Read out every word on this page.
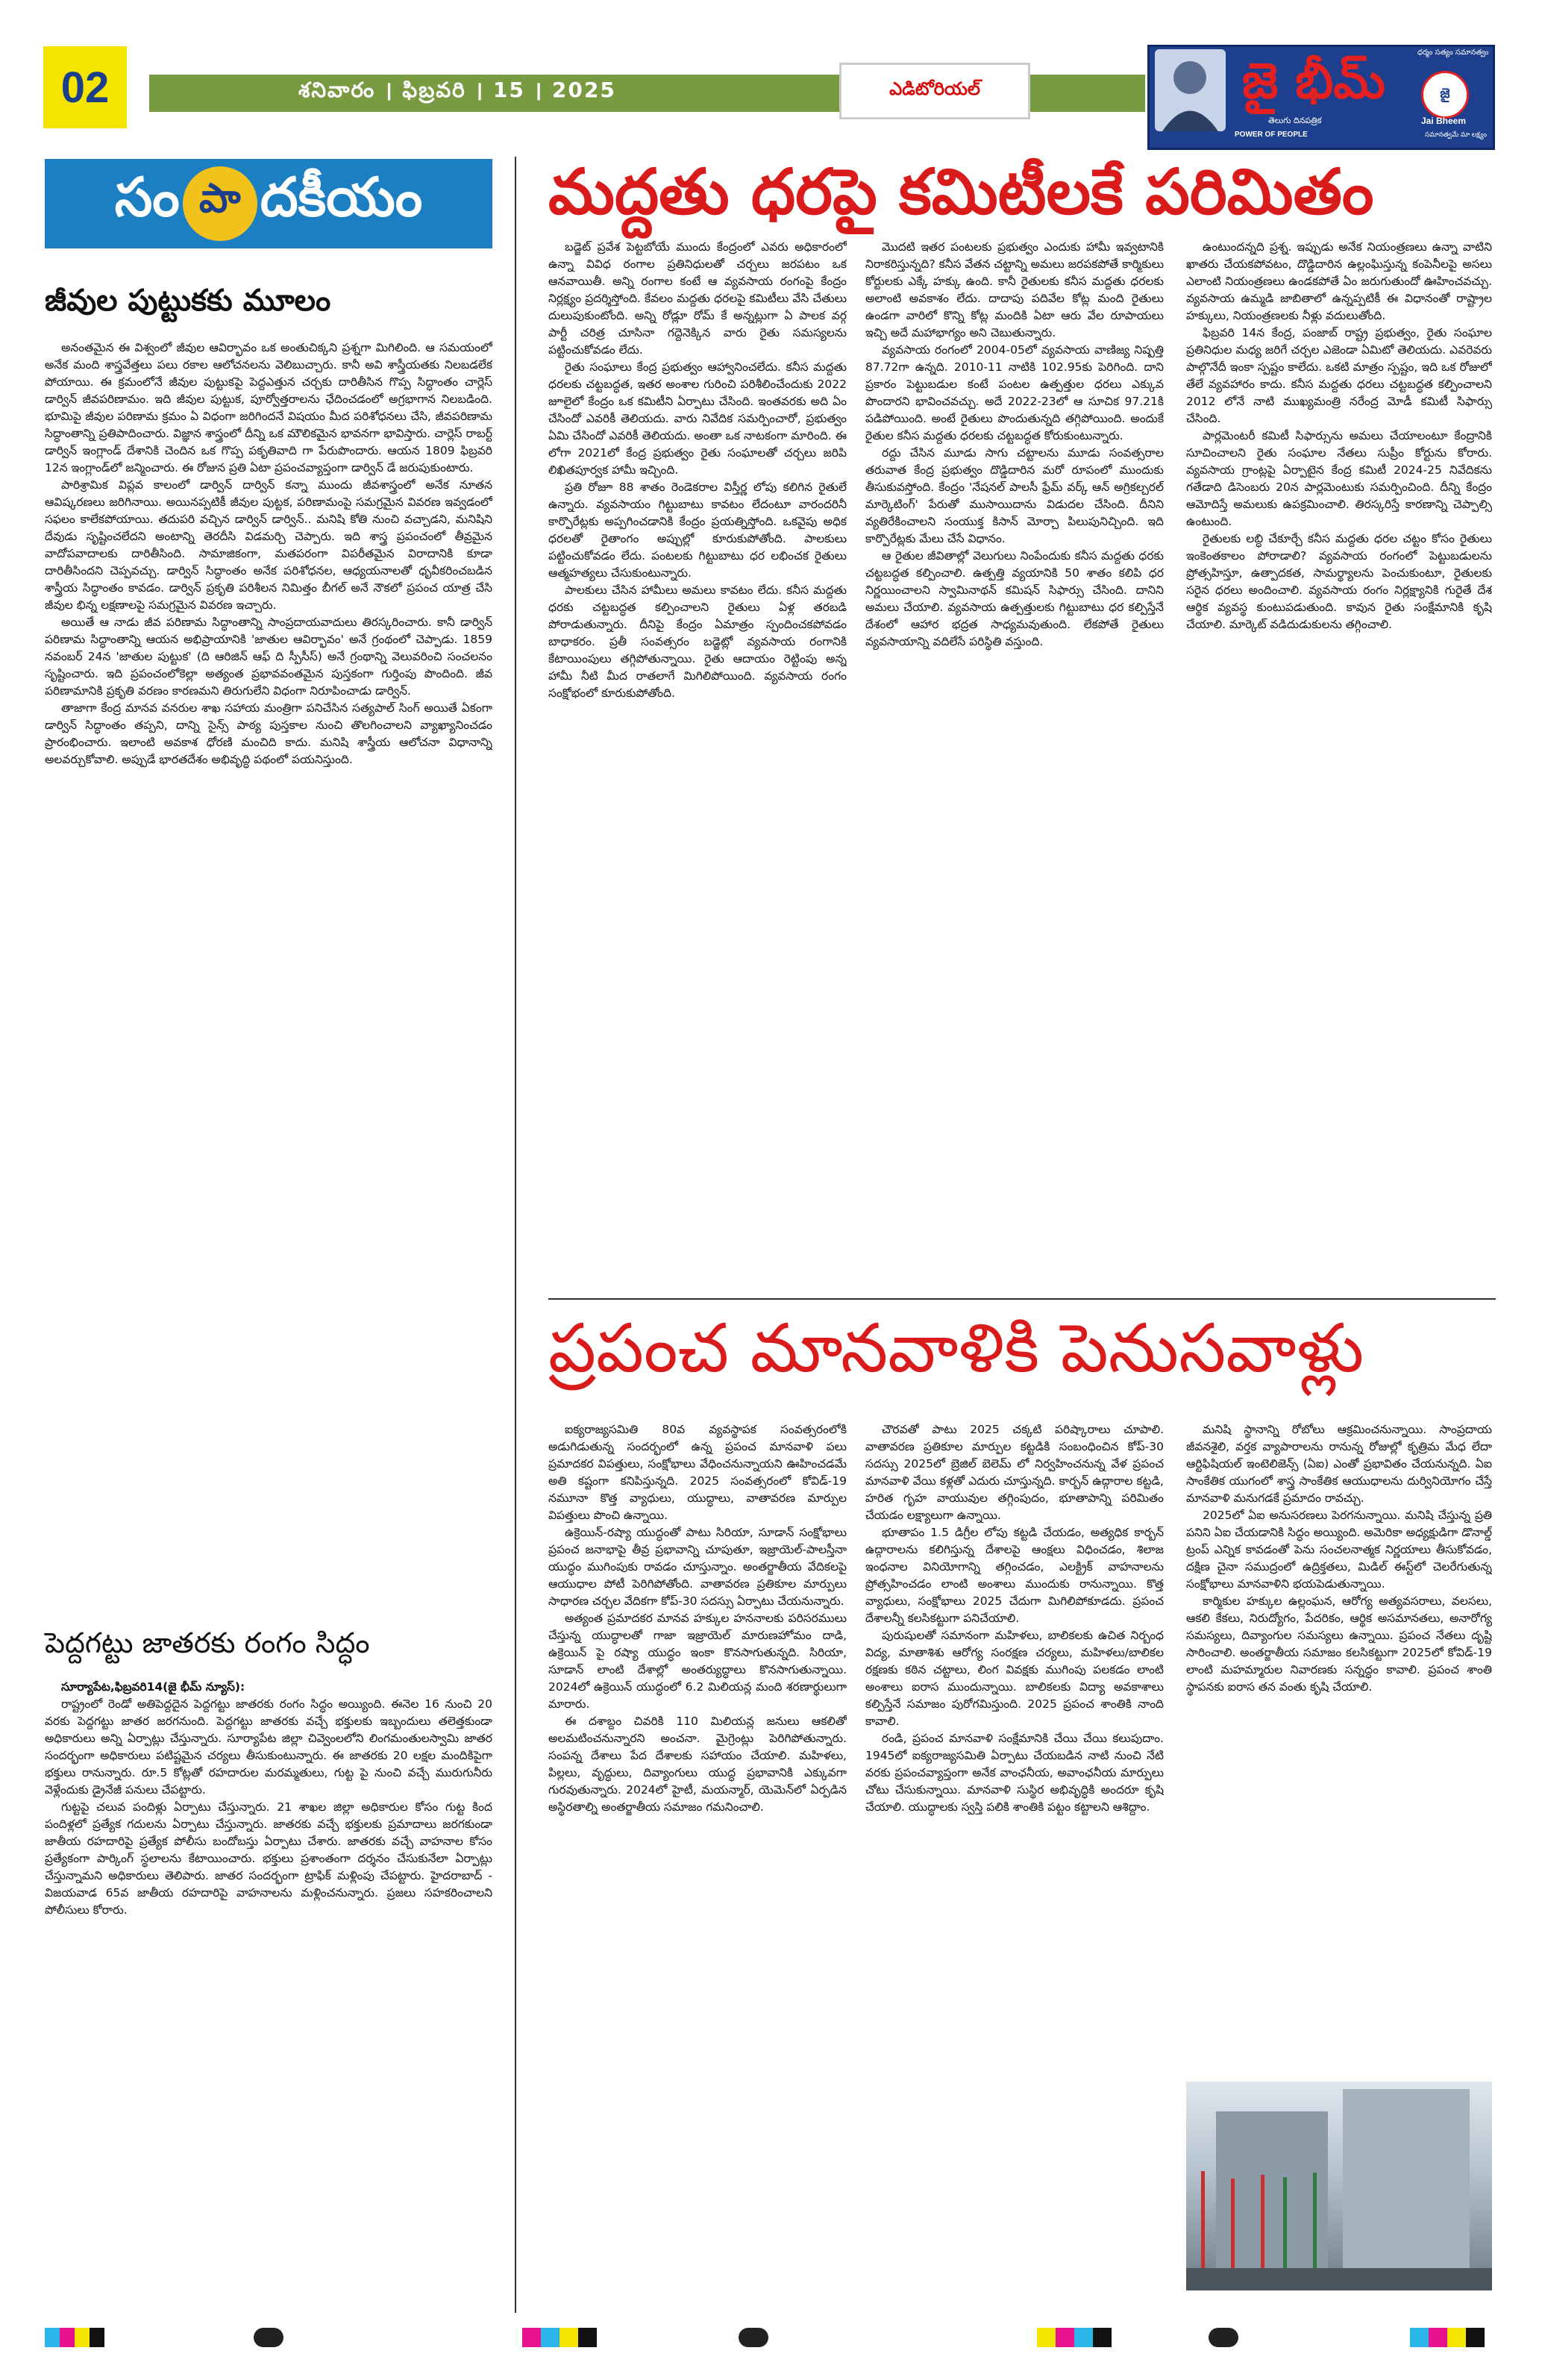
02	శనివారం । ఫిబ్రవరి । 15 । 2025	ఎడిటోరియల్	జై భీమ్	ధర్మం సత్యం సమానత్వం
తెలుగు దినపత్రిక
POWER OF PEOPLE
జై
Jai Bheem
సమానత్వమే మా లక్ష్యం
సం పా దకీయం మద్దతు ధరపై కమిటీలకే పరిమితం
జీవుల పుట్టుకకు మూలం

అనంతమైన ఈ విశ్వంలో జీవుల ఆవిర్భావం ఒక అంతుచిక్కని ప్రశ్నగా మిగిలింది. ఆ సమయంలో అనేక మంది శాస్త్రవేత్తలు పలు రకాల ఆలోచనలను వెలిబుచ్చారు. కానీ అవి శాస్త్రీయతకు నిలబడలేక పోయాయి. ఈ క్రమంలోనే జీవుల పుట్టుకపై పెద్దఎత్తున చర్చకు దారితీసిన గొప్ప సిద్ధాంతం చార్లెస్ డార్విన్ జీవపరిణామం. ఇది జీవుల పుట్టుక, పూర్వోత్తరాలను ఛేదించడంలో అగ్రభాగాన నిలబడింది. భూమిపై జీవుల పరిణామ క్రమం ఏ విధంగా జరిగిందనే విషయం మీద పరిశోధనలు చేసి, జీవపరిణామ సిద్ధాంతాన్ని ప్రతిపాదించారు. విజ్ఞాన శాస్త్రంలో దీన్ని ఒక మౌలికమైన భావనగా భావిస్తారు. చార్లెస్ రాబర్ట్ డార్విన్ ఇంగ్లాండ్ దేశానికి చెందిన ఒక గొప్ప పకృతివాది గా పేరుపొందారు. ఆయన 1809 ఫిబ్రవరి 12న ఇంగ్లాండ్‌లో జన్మించారు. ఈ రోజున ప్రతి ఏటా ప్రపంచవ్యాప్తంగా డార్విన్ డే జరుపుకుంటారు.

పారిశ్రామిక విప్లవ కాలంలో డార్విన్ దార్విన్ కన్నా ముందు జీవశాస్త్రంలో అనేక నూతన ఆవిష్కరణలు జరిగినాయి. అయినప్పటికీ జీవుల పుట్టక, పరిణామంపై సమగ్రమైన వివరణ ఇవ్వడంలో సఫలం కాలేకపోయాయి. తదుపరి వచ్చిన డార్విన్ డార్విన్.. మనిషి కోతి నుంచి వచ్చాడని, మనిషిని దేవుడు సృష్టించలేదని అంటాన్ని తెరదీసి విడమర్చి చెప్పారు. ఇది శాస్త్ర ప్రపంచంలో తీవ్రమైన వాదోపవాదాలకు దారితీసింది. సామాజికంగా, మతపరంగా విపరీతమైన విరాదానికి కూడా దారితీసిందని చెప్పవచ్చు. డార్విన్ సిద్ధాంతం అనేక పరిశోధనల, ఆధ్యయనాలతో ధృవీకరించబడిన శాస్త్రీయ సిద్ధాంతం కావడం. డార్విన్ ప్రకృతి పరిశీలన నిమిత్తం బీగల్ అనే నౌకలో ప్రపంచ యాత్ర చేసి జీవుల భిన్న లక్షణాలపై సమగ్రమైన వివరణ ఇచ్చారు.

అయితే ఆ నాడు జీవ పరిణామ సిద్ధాంతాన్ని సాంప్రదాయవాదులు తిరస్కరించారు. కానీ డార్విన్ పరిణామ సిద్ధాంతాన్ని ఆయన అభిప్రాయానికి 'జాతుల ఆవిర్భావం' అనే గ్రంథంలో చెప్పాడు. 1859 నవంబర్ 24న 'జాతుల పుట్టుక' (ది ఆరిజిన్ ఆఫ్ ది స్పీసీస్) అనే గ్రంథాన్ని వెలువరించి సంచలనం సృష్టించారు. ఇది ప్రపంచంలోకెల్లా అత్యంత ప్రభావవంతమైన పుస్తకంగా గుర్తింపు పొందింది. జీవ పరిణామానికి ప్రకృతి వరణం కారణమని తిరుగులేని విధంగా నిరూపించాడు డార్విన్.

తాజాగా కేంద్ర మానవ వనరుల శాఖ సహాయ మంత్రిగా పనిచేసిన సత్యపాల్ సింగ్ అయితే ఏకంగా డార్విన్ సిద్ధాంతం తప్పని, దాన్ని సైన్స్ పాఠ్య పుస్తకాల నుంచి తొలగించాలని వ్యాఖ్యానించడం ప్రారంభించారు. ఇలాంటి అవకాశ ధోరణి మంచిది కాదు. మనిషి శాస్త్రీయ ఆలోచనా విధానాన్ని అలవర్చుకోవాలి. అప్పుడే భారతదేశం అభివృద్ధి పథంలో పయనిస్తుంది.

పెద్దగట్టు జాతరకు రంగం సిద్ధం

సూర్యాపేట,ఫిబ్రవరి14(జై భీమ్ న్యూస్):

రాష్ట్రంలో రెండో అతిపెద్దదైన పెద్దగట్టు జాతరకు రంగం సిద్ధం అయ్యింది. ఈనెల 16 నుంచి 20 వరకు పెద్దగట్టు జాతర జరగనుంది. పెద్దగట్టు జాతరకు వచ్చే భక్తులకు ఇబ్బందులు తలెత్తకుండా అధికారులు అన్ని ఏర్పాట్లు చేస్తున్నారు. సూర్యాపేట జిల్లా చివ్వెంలలోని లింగమంతులస్వామి జాతర సందర్భంగా అధికారులు పటిష్టమైన చర్యలు తీసుకుంటున్నారు. ఈ జాతరకు 20 లక్షల మందికిపైగా భక్తులు రానున్నారు. రూ.5 కోట్లతో రహదారుల మరమ్మతులు, గుట్ట పై నుంచి వచ్చే మురుగునీరు వెళ్లేందుకు డ్రైనేజీ పనులు చేపట్టారు.

గుట్టపై చలువ పందిళ్లు ఏర్పాటు చేస్తున్నారు. 21 శాఖల జిల్లా అధికారుల కోసం గుట్ట కింద పందిళ్లలో ప్రత్యేక గదులను ఏర్పాటు చేస్తున్నారు. జాతరకు వచ్చే భక్తులకు ప్రమాదాలు జరగకుండా జాతీయ రహదారిపై ప్రత్యేక పోలీసు బందోబస్తు ఏర్పాటు చేశారు. జాతరకు వచ్చే వాహనాల కోసం ప్రత్యేకంగా పార్కింగ్ స్థలాలను కేటాయించారు. భక్తులు ప్రశాంతంగా దర్శనం చేసుకునేలా ఏర్పాట్లు చేస్తున్నామని అధికారులు తెలిపారు. జాతర సందర్భంగా ట్రాఫిక్ మళ్లింపు చేపట్టారు. హైదరాబాద్ - విజయవాడ 65వ జాతీయ రహదారిపై వాహనాలను మళ్లించనున్నారు. ప్రజలు సహకరించాలని పోలీసులు కోరారు.

బడ్జెట్ ప్రవేశ పెట్టబోయే ముందు కేంద్రంలో ఎవరు అధికారంలో ఉన్నా వివిధ రంగాల ప్రతినిధులతో చర్చలు జరపటం ఒక ఆనవాయితీ. అన్ని రంగాల కంటే ఆ వ్యవసాయ రంగంపై కేంద్రం నిర్లక్ష్యం ప్రదర్శిస్తోంది. కేవలం మద్దతు ధరలపై కమిటీలు వేసి చేతులు దులుపుకుంటోంది. అన్ని రోడ్లూ రోమ్ కే అన్నట్లుగా ఏ పాలక వర్గ పార్టీ చరిత్ర చూసినా గద్దెనెక్కిన వారు రైతు సమస్యలను పట్టించుకోవడం లేదు.

రైతు సంఘాలు కేంద్ర ప్రభుత్వం ఆహ్వానించలేదు. కనీస మద్దతు ధరలకు చట్టబద్ధత, ఇతర అంశాల గురించి పరిశీలించేందుకు 2022 జూలైలో కేంద్రం ఒక కమిటీని ఏర్పాటు చేసింది. ఇంతవరకు అది ఏం చేసిందో ఎవరికీ తెలియదు. వారు నివేదిక సమర్పించారో, ప్రభుత్వం ఏమి చేసిందో ఎవరికీ తెలియదు. అంతా ఒక నాటకంగా మారింది. ఈ లోగా 2021లో కేంద్ర ప్రభుత్వం రైతు సంఘాలతో చర్చలు జరిపి లిఖితపూర్వక హామీ ఇచ్చింది.

ప్రతి రోజూ 88 శాతం రెండెకరాల విస్తీర్ణ లోపు కలిగిన రైతులే ఉన్నారు. వ్యవసాయం గిట్టుబాటు కావటం లేదంటూ వారందరినీ కార్పొరేట్లకు అప్పగించడానికి కేంద్రం ప్రయత్నిస్తోంది. ఒకవైపు అధిక ధరలతో రైతాంగం అప్పుల్లో కూరుకుపోతోంది. పాలకులు పట్టించుకోవడం లేదు. పంటలకు గిట్టుబాటు ధర లభించక రైతులు ఆత్మహత్యలు చేసుకుంటున్నారు.

పాలకులు చేసిన హామీలు అమలు కావటం లేదు. కనీస మద్దతు ధరకు చట్టబద్ధత కల్పించాలని రైతులు ఏళ్ల తరబడి పోరాడుతున్నారు. దీనిపై కేంద్రం ఏమాత్రం స్పందించకపోవడం బాధాకరం. ప్రతీ సంవత్సరం బడ్జెట్లో వ్యవసాయ రంగానికి కేటాయింపులు తగ్గిపోతున్నాయి. రైతు ఆదాయం రెట్టింపు అన్న హామీ నీటి మీద రాతలాగే మిగిలిపోయింది. వ్యవసాయ రంగం సంక్షోభంలో కూరుకుపోతోంది.

మొదటి ఇతర పంటలకు ప్రభుత్వం ఎందుకు హామీ ఇవ్వటానికి నిరాకరిస్తున్నది? కనీస వేతన చట్టాన్ని అమలు జరపకపోతే కార్మికులు కోర్టులకు ఎక్కే హక్కు ఉంది. కానీ రైతులకు కనీస మద్దతు ధరలకు అలాంటి అవకాశం లేదు. దాదాపు పదివేల కోట్ల మంది రైతులు ఉండగా వారిలో కొన్ని కోట్ల మందికి ఏటా ఆరు వేల రూపాయలు ఇచ్చి అదే మహాభాగ్యం అని చెబుతున్నారు.

వ్యవసాయ రంగంలో 2004-05లో వ్యవసాయ వాణిజ్య నిష్పత్తి 87.72గా ఉన్నది. 2010-11 నాటికి 102.95కు పెరిగింది. దాని ప్రకారం పెట్టుబడుల కంటే పంటల ఉత్పత్తుల ధరలు ఎక్కువ పొందారని భావించవచ్చు. అదే 2022-23లో ఆ సూచిక 97.21కి పడిపోయింది. అంటే రైతులు పొందుతున్నది తగ్గిపోయింది. అందుకే రైతుల కనీస మద్దతు ధరలకు చట్టబద్ధత కోరుకుంటున్నారు.

రద్దు చేసిన మూడు సాగు చట్టాలను మూడు సంవత్సరాల తరువాత కేంద్ర ప్రభుత్వం దొడ్డిదారిన మరో రూపంలో ముందుకు తీసుకువస్తోంది. కేంద్రం 'నేషనల్ పాలసీ ఫ్రేమ్ వర్క్ ఆన్ అగ్రికల్చరల్ మార్కెటింగ్' పేరుతో ముసాయిదాను విడుదల చేసింది. దీనిని వ్యతిరేకించాలని సంయుక్త కిసాన్ మోర్చా పిలుపునిచ్చింది. ఇది కార్పొరేట్లకు మేలు చేసే విధానం.

ఆ రైతుల జీవితాల్లో వెలుగులు నింపేందుకు కనీస మద్దతు ధరకు చట్టబద్ధత కల్పించాలి. ఉత్పత్తి వ్యయానికి 50 శాతం కలిపి ధర నిర్ణయించాలని స్వామినాథన్ కమిషన్ సిఫార్సు చేసింది. దానిని అమలు చేయాలి. వ్యవసాయ ఉత్పత్తులకు గిట్టుబాటు ధర కల్పిస్తేనే దేశంలో ఆహార భద్రత సాధ్యమవుతుంది. లేకపోతే రైతులు వ్యవసాయాన్ని వదిలేసే పరిస్థితి వస్తుంది.

ఉంటుందన్నది ప్రశ్న. ఇప్పుడు అనేక నియంత్రణలు ఉన్నా వాటిని ఖాతరు చేయకపోవటం, దొడ్డిదారిన ఉల్లంఘిస్తున్న కంపెనీలపై అసలు ఎలాంటి నియంత్రణలు ఉండకపోతే ఏం జరుగుతుందో ఊహించవచ్చు. వ్యవసాయ ఉమ్మడి జాబితాలో ఉన్నప్పటికీ ఈ విధానంతో రాష్ట్రాల హక్కులు, నియంత్రణలకు నీళ్లు వదులుతోంది.

ఫిబ్రవరి 14న కేంద్ర, పంజాబ్ రాష్ట్ర ప్రభుత్వం, రైతు సంఘాల ప్రతినిధుల మధ్య జరిగే చర్చల ఎజెండా ఏమిటో తెలియదు. ఎవరెవరు పాల్గొనేదీ ఇంకా స్పష్టం కాలేదు. ఒకటి మాత్రం స్పష్టం, ఇది ఒక రోజులో తేలే వ్యవహారం కాదు. కనీస మద్దతు ధరలు చట్టబద్ధత కల్పించాలని 2012 లోనే నాటి ముఖ్యమంత్రి నరేంద్ర మోడీ కమిటీ సిఫార్సు చేసింది.

పార్లమెంటరీ కమిటీ సిఫార్సును అమలు చేయాలంటూ కేంద్రానికి సూచించాలని రైతు సంఘాల నేతలు సుప్రీం కోర్టును కోరారు. వ్యవసాయ గ్రాంట్లపై ఏర్పాటైన కేంద్ర కమిటీ 2024-25 నివేదికను గతేడాది డిసెంబరు 20న పార్లమెంటుకు సమర్పించింది. దీన్ని కేంద్రం ఆమోదిస్తే అమలుకు ఉపక్రమించాలి. తిరస్కరిస్తే కారణాన్ని చెప్పాల్సి ఉంటుంది.

రైతులకు లబ్ధి చేకూర్చే కనీస మద్దతు ధరల చట్టం కోసం రైతులు ఇంకెంతకాలం పోరాడాలి? వ్యవసాయ రంగంలో పెట్టుబడులను ప్రోత్సహిస్తూ, ఉత్పాదకత, సామర్థ్యాలను పెంచుకుంటూ, రైతులకు సరైన ధరలు అందించాలి. వ్యవసాయ రంగం నిర్లక్ష్యానికి గురైతే దేశ ఆర్థిక వ్యవస్థ కుంటుపడుతుంది. కావున రైతు సంక్షేమానికి కృషి చేయాలి. మార్కెట్ వడిదుడుకులను తగ్గించాలి.

ప్రపంచ మానవాళికి పెనుసవాళ్లు

ఐక్యరాజ్యసమితి 80వ వ్యవస్థాపక సంవత్సరంలోకి అడుగిడుతున్న సందర్భంలో ఉన్న ప్రపంచ మానవాళి పలు ప్రమాదకర విపత్తులు, సంక్షోభాలు వేధించనున్నాయని ఊహించడమే అతి కష్టంగా కనిపిస్తున్నది. 2025 సంవత్సరంలో కోవిడ్-19 నమూనా కొత్త వ్యాధులు, యుద్ధాలు, వాతావరణ మార్పుల విపత్తులు పొంచి ఉన్నాయి.

ఉక్రెయిన్-రష్యా యుద్ధంతో పాటు సిరియా, సూడాన్ సంక్షోభాలు ప్రపంచ జనాభాపై తీవ్ర ప్రభావాన్ని చూపుతూ, ఇజ్రాయెల్-పాలస్తీనా యుద్ధం ముగింపుకు రావడం చూస్తున్నాం. అంతర్జాతీయ వేదికలపై ఆయుధాల పోటీ పెరిగిపోతోంది. వాతావరణ ప్రతికూల మార్పులు సాధారణ చర్చల వేదికగా కోప్-30 సదస్సు ఏర్పాటు చేయనున్నారు.

అత్యంత ప్రమాదకర మానవ హక్కుల హననాలకు పరిసరములు చేస్తున్న యుద్ధాలతో గాజా ఇజ్రాయెల్ మారుణహోమం దాడి, ఉక్రెయిన్ పై రష్యా యుద్ధం ఇంకా కొనసాగుతున్నది. సిరియా, సూడాన్ లాంటి దేశాల్లో అంతర్యుద్ధాలు కొనసాగుతున్నాయి. 2024లో ఉక్రెయిన్ యుద్ధంలో 6.2 మిలియన్ల మంది శరణార్థులుగా మారారు.

ఈ దశాబ్దం చివరికి 110 మిలియన్ల జనులు ఆకలితో అలమటించనున్నారని అంచనా. మైగ్రెంట్లు పెరిగిపోతున్నారు. సంపన్న దేశాలు పేద దేశాలకు సహాయం చేయాలి. మహిళలు, పిల్లలు, వృద్ధులు, దివ్యాంగులు యుద్ధ ప్రభావానికి ఎక్కువగా గురవుతున్నారు. 2024లో హైటీ, మయన్మార్, యెమెన్‌లో ఏర్పడిన అస్థిరతాల్ని అంతర్జాతీయ సమాజం గమనించాలి.

చౌరవతో పాటు 2025 చక్కటి పరిష్కారాలు చూపాలి. వాతావరణ ప్రతికూల మార్పుల కట్టడికి సంబంధించిన కోప్-30 సదస్సు 2025లో బ్రెజిల్ బెలెమ్ లో నిర్వహించనున్న వేళ ప్రపంచ మానవాళి వేయి కళ్లతో ఎదురు చూస్తున్నది. కార్బన్ ఉద్గారాల కట్టడి, హరిత గృహ వాయువుల తగ్గింపుదం, భూతాపాన్ని పరిమితం చేయడం లక్ష్యాలుగా ఉన్నాయి.

భూతాపం 1.5 డిగ్రీల లోపు కట్టడి చేయడం, అత్యధిక కార్బన్ ఉద్గారాలను కలిగిస్తున్న దేశాలపై ఆంక్షలు విధించడం, శిలాజ ఇంధనాల వినియోగాన్ని తగ్గించడం, ఎలక్ట్రిక్ వాహనాలను ప్రోత్సహించడం లాంటి అంశాలు ముందుకు రానున్నాయి. కొత్త వ్యాధులు, సంక్షోభాలు 2025 చేదుగా మిగిలిపోకూడదు. ప్రపంచ దేశాలన్నీ కలసికట్టుగా పనిచేయాలి.

పురుషులతో సమానంగా మహిళలు, బాలికలకు ఉచిత నిర్బంధ విద్య, మాతాశిశు ఆరోగ్య సంరక్షణ చర్యలు, మహిళలు/బాలికల రక్షణకు కఠిన చట్టాలు, లింగ వివక్షకు ముగింపు పలకడం లాంటి అంశాలు ఐరాస ముందున్నాయి. బాలికలకు విద్యా అవకాశాలు కల్పిస్తేనే సమాజం పురోగమిస్తుంది. 2025 ప్రపంచ శాంతికి నాంది కావాలి.

రండి, ప్రపంచ మానవాళి సంక్షేమానికి చేయి చేయి కలుపుదాం. 1945లో ఐక్యరాజ్యసమితి ఏర్పాటు చేయబడిన నాటి నుంచి నేటి వరకు ప్రపంచవ్యాప్తంగా అనేక వాంఛనీయ, అవాంఛనీయ మార్పులు చోటు చేసుకున్నాయి. మానవాళి సుస్థిర అభివృద్ధికి అందరూ కృషి చేయాలి. యుద్ధాలకు స్వస్తి పలికి శాంతికి పట్టం కట్టాలని ఆశిద్దాం.

మనిషి స్థానాన్ని రోబోలు ఆక్రమించనున్నాయి. సాంప్రదాయ జీవనశైలి, వర్తక వ్యాపారాలను రానున్న రోజుల్లో కృత్రిమ మేధ లేదా ఆర్టిఫిషియల్ ఇంటెలిజెన్స్ (ఏఐ) ఎంతో ప్రభావితం చేయనున్నది. ఏఐ సాంకేతిక యుగంలో శాస్త్ర సాంకేతిక ఆయుధాలను దుర్వినియోగం చేస్తే మానవాళి మనుగడకే ప్రమాదం రావచ్చు.

2025లో ఏఐ అనుసరణలు పెరగనున్నాయి. మనిషి చేస్తున్న ప్రతి పనిని ఏఐ చేయడానికి సిద్ధం అయ్యింది. అమెరికా అధ్యక్షుడిగా డొనాల్డ్ ట్రంప్ ఎన్నిక కావడంతో పెను సంచలనాత్మక నిర్ణయాలు తీసుకోవడం, దక్షిణ చైనా సముద్రంలో ఉద్రిక్తతలు, మిడిల్ ఈస్ట్‌లో చెలరేగుతున్న సంక్షోభాలు మానవాళిని భయపెడుతున్నాయి.

కార్మికుల హక్కుల ఉల్లంఘన, ఆరోగ్య అత్యవసరాలు, వలసలు, ఆకలి కేకలు, నిరుద్యోగం, పేదరికం, ఆర్థిక అసమానతలు, అనారోగ్య సమస్యలు, దివ్యాంగుల సమస్యలు ఉన్నాయి. ప్రపంచ నేతలు దృష్టి సారించాలి. అంతర్జాతీయ సమాజం కలసికట్టుగా 2025లో కోవిడ్-19 లాంటి మహమ్మారుల నివారణకు సన్నద్ధం కావాలి. ప్రపంచ శాంతి స్థాపనకు ఐరాస తన వంతు కృషి చేయాలి.
